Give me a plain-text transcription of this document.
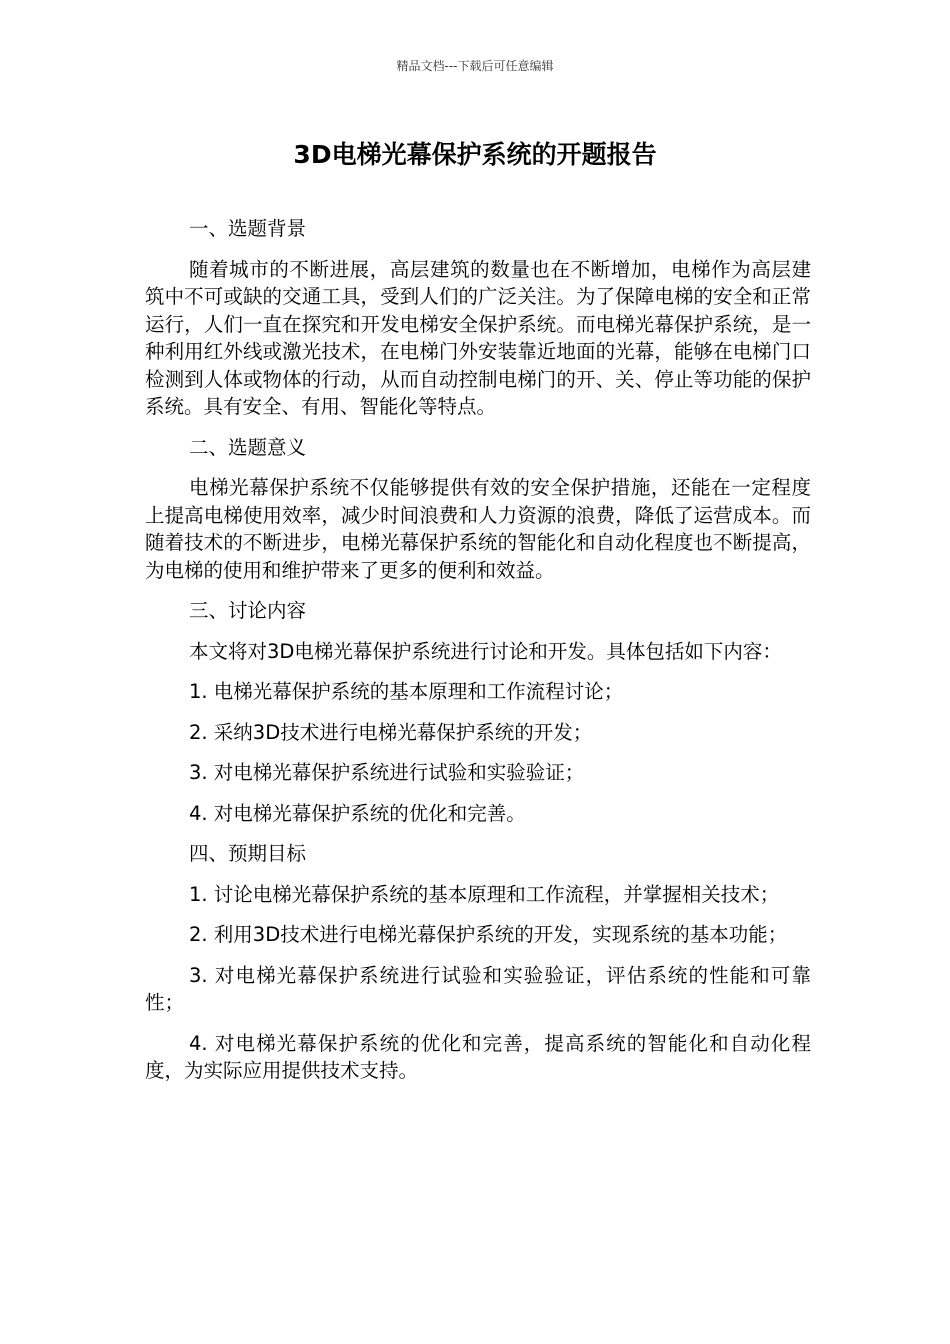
精品文档---下载后可任意编辑
3D电梯光幕保护系统的开题报告

一、选题背景

随着城市的不断进展，高层建筑的数量也在不断增加，电梯作为高层建筑中不可或缺的交通工具，受到人们的广泛关注。为了保障电梯的安全和正常运行，人们一直在探究和开发电梯安全保护系统。而电梯光幕保护系统，是一种利用红外线或激光技术，在电梯门外安装靠近地面的光幕，能够在电梯门口检测到人体或物体的行动，从而自动控制电梯门的开、关、停止等功能的保护系统。具有安全、有用、智能化等特点。

二、选题意义

电梯光幕保护系统不仅能够提供有效的安全保护措施，还能在一定程度上提高电梯使用效率，减少时间浪费和人力资源的浪费，降低了运营成本。而随着技术的不断进步，电梯光幕保护系统的智能化和自动化程度也不断提高，为电梯的使用和维护带来了更多的便利和效益。

三、讨论内容

本文将对3D电梯光幕保护系统进行讨论和开发。具体包括如下内容：

1. 电梯光幕保护系统的基本原理和工作流程讨论；

2. 采纳3D技术进行电梯光幕保护系统的开发；

3. 对电梯光幕保护系统进行试验和实验验证；

4. 对电梯光幕保护系统的优化和完善。

四、预期目标

1. 讨论电梯光幕保护系统的基本原理和工作流程，并掌握相关技术；

2. 利用3D技术进行电梯光幕保护系统的开发，实现系统的基本功能；

3. 对电梯光幕保护系统进行试验和实验验证，评估系统的性能和可靠性；

4. 对电梯光幕保护系统的优化和完善，提高系统的智能化和自动化程度，为实际应用提供技术支持。
